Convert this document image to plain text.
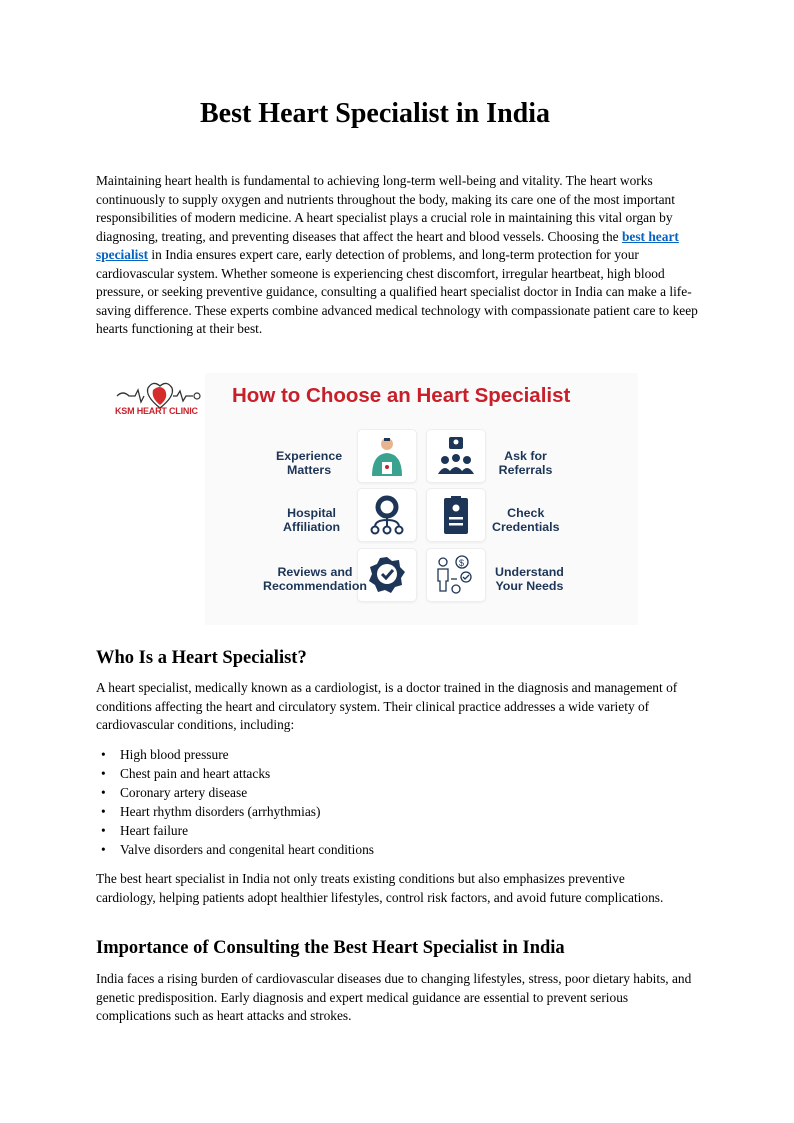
Best Heart Specialist in India

Maintaining heart health is fundamental to achieving long-term well-being and vitality. The heart works continuously to supply oxygen and nutrients throughout the body, making its care one of the most important responsibilities of modern medicine. A heart specialist plays a crucial role in maintaining this vital organ by diagnosing, treating, and preventing diseases that affect the heart and blood vessels. Choosing the best heart specialist in India ensures expert care, early detection of problems, and long-term protection for your cardiovascular system. Whether someone is experiencing chest discomfort, irregular heartbeat, high blood pressure, or seeking preventive guidance, consulting a qualified heart specialist doctor in India can make a life-saving difference. These experts combine advanced medical technology with compassionate patient care to keep hearts functioning at their best.

KSM HEART CLINIC
How to Choose an Heart Specialist
$
Experience
Matters
Ask for
Referrals
Hospital
Affiliation
Check
Credentials
Reviews and
Recommendation
Understand
Your Needs
Who Is a Heart Specialist?

A heart specialist, medically known as a cardiologist, is a doctor trained in the diagnosis and management of conditions affecting the heart and circulatory system. Their clinical practice addresses a wide variety of cardiovascular conditions, including:

• High blood pressure
• Chest pain and heart attacks
• Coronary artery disease
• Heart rhythm disorders (arrhythmias)
• Heart failure
• Valve disorders and congenital heart conditions

The best heart specialist in India not only treats existing conditions but also emphasizes preventive cardiology, helping patients adopt healthier lifestyles, control risk factors, and avoid future complications.

Importance of Consulting the Best Heart Specialist in India

India faces a rising burden of cardiovascular diseases due to changing lifestyles, stress, poor dietary habits, and genetic predisposition. Early diagnosis and expert medical guidance are essential to prevent serious complications such as heart attacks and strokes.
